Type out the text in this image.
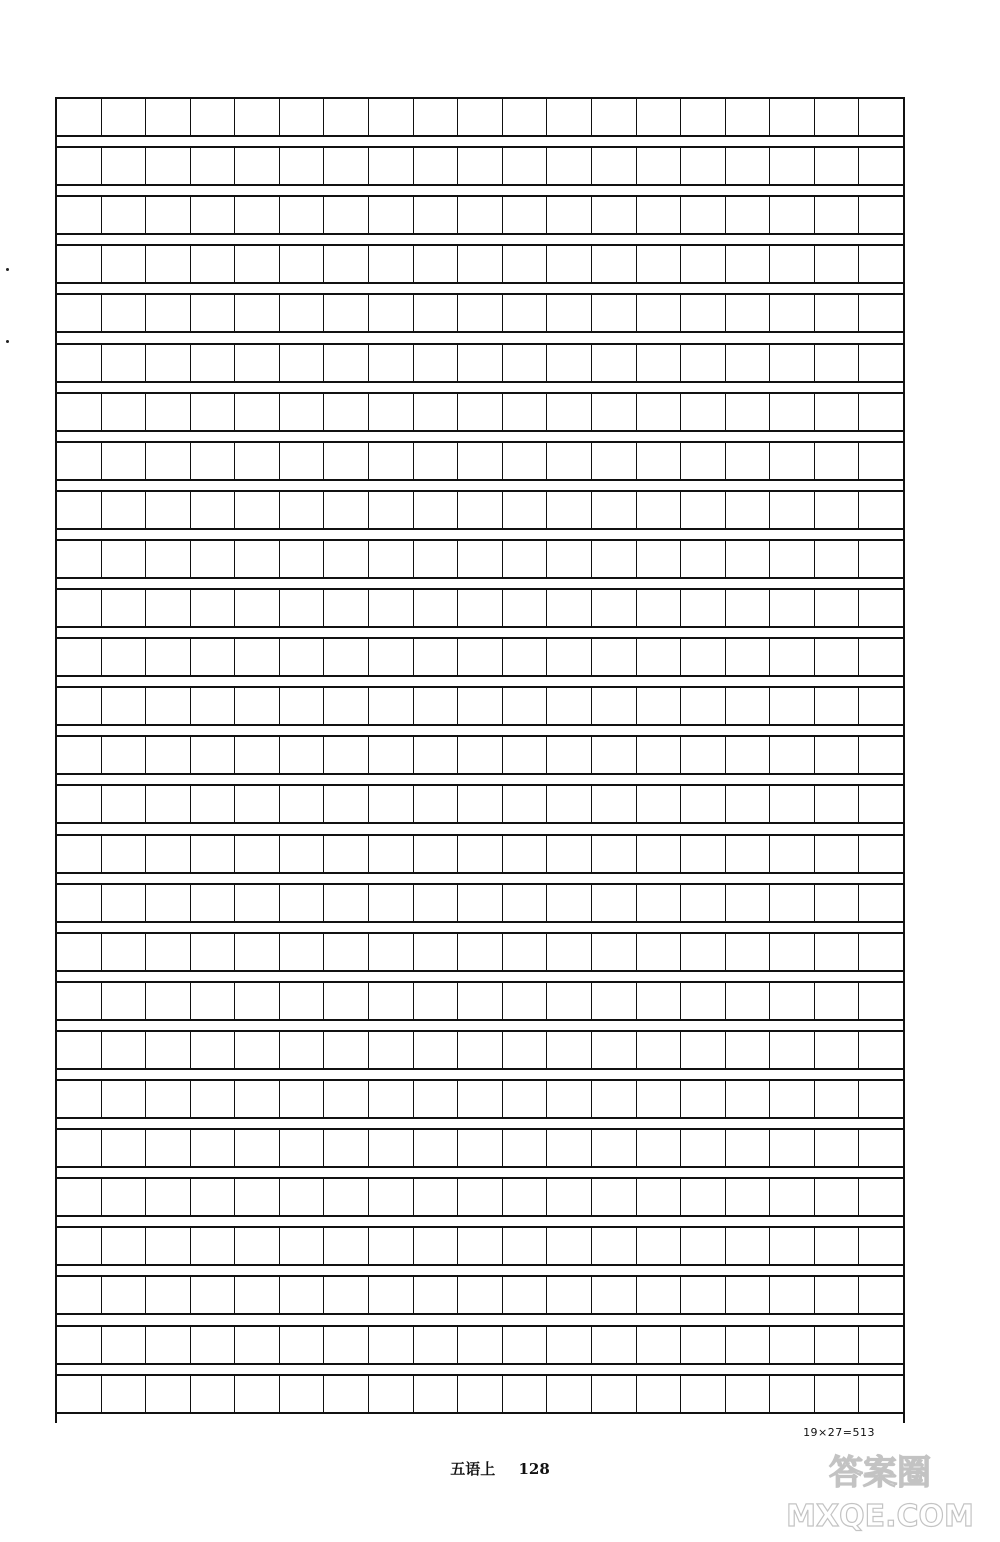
19×27=513
五语上 128	答案圈
MXQE.COM
